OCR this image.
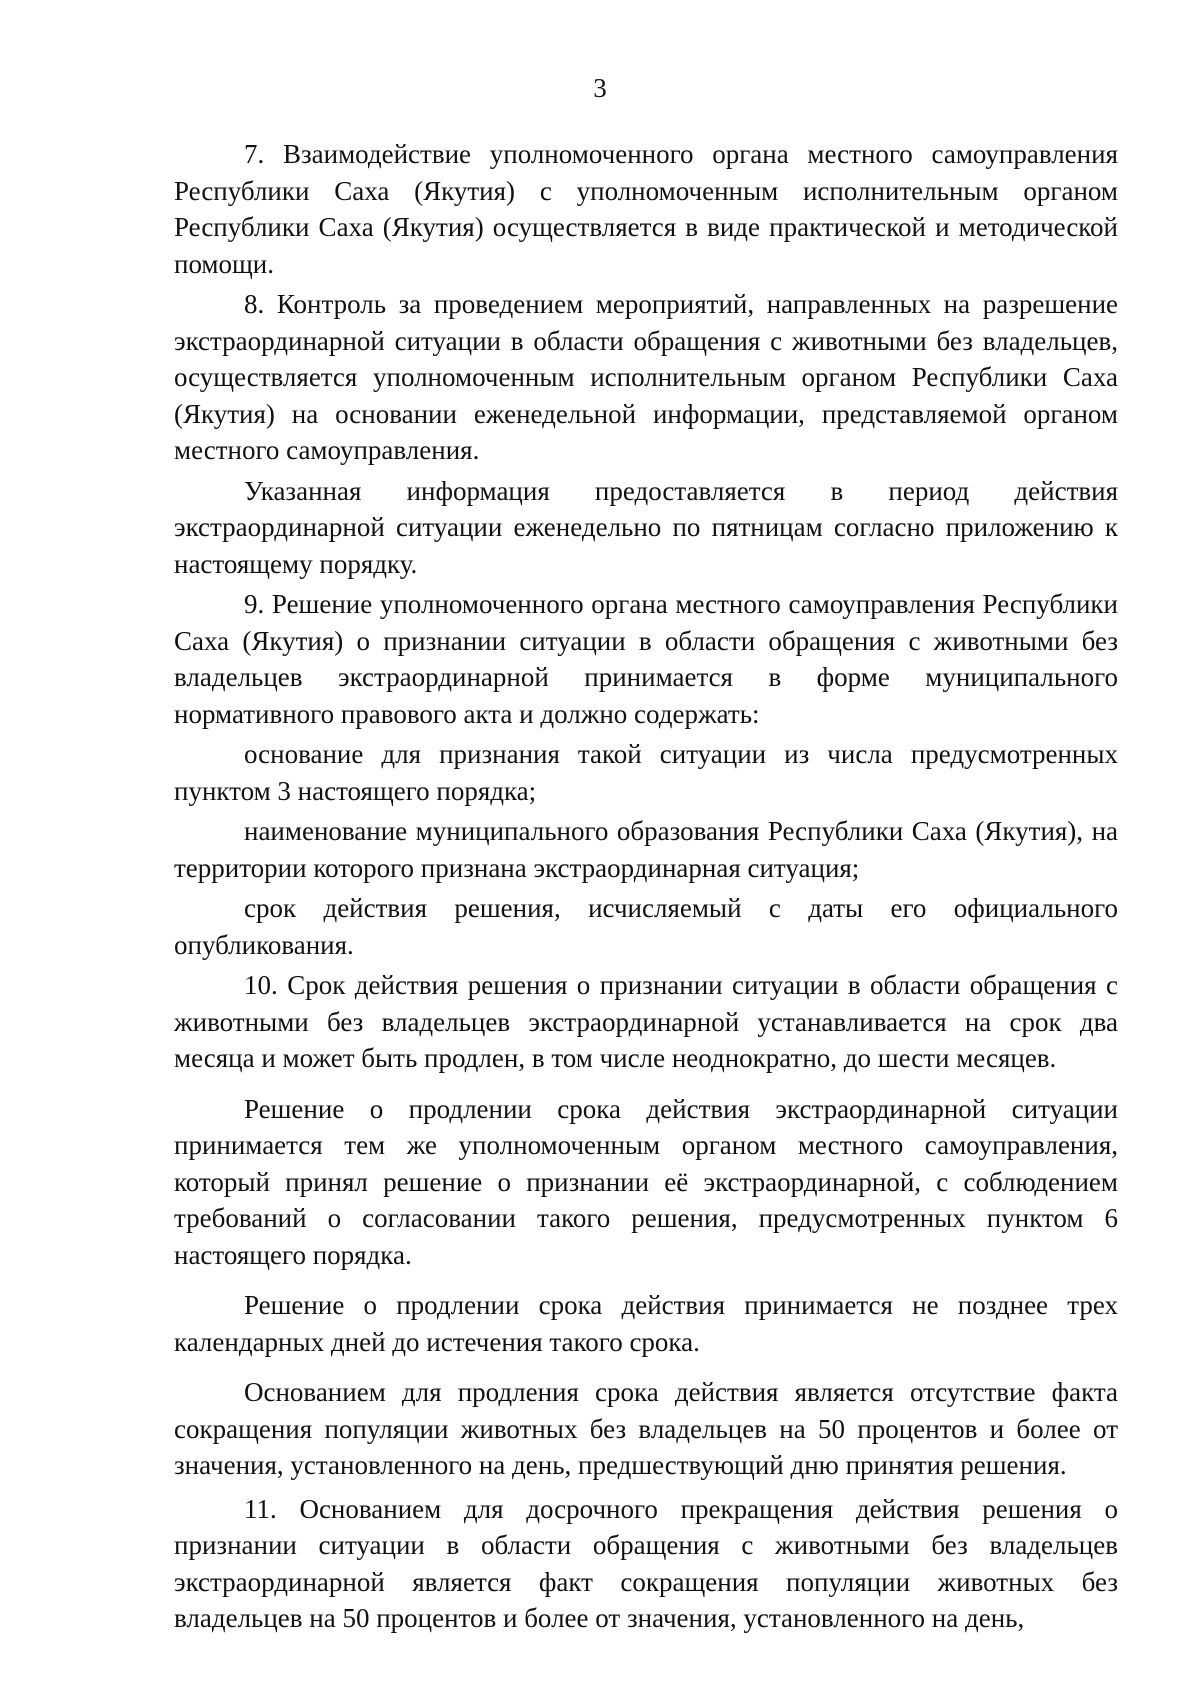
3

7. Взаимодействие уполномоченного органа местного самоуправления Республики Саха (Якутия) с уполномоченным исполнительным органом Республики Саха (Якутия) осуществляется в виде практической и методической помощи.

8. Контроль за проведением мероприятий, направленных на разрешение экстраординарной ситуации в области обращения с животными без владельцев, осуществляется уполномоченным исполнительным органом Республики Саха (Якутия) на основании еженедельной информации, представляемой органом местного самоуправления.

Указанная информация предоставляется в период действия экстраординарной ситуации еженедельно по пятницам согласно приложению к настоящему порядку.

9. Решение уполномоченного органа местного самоуправления Республики Саха (Якутия) о признании ситуации в области обращения с животными без владельцев экстраординарной принимается в форме муниципального нормативного правового акта и должно содержать:

основание для признания такой ситуации из числа предусмотренных пунктом 3 настоящего порядка;

наименование муниципального образования Республики Саха (Якутия), на территории которого признана экстраординарная ситуация;

срок действия решения, исчисляемый с даты его официального опубликования.

10. Срок действия решения о признании ситуации в области обращения с животными без владельцев экстраординарной устанавливается на срок два месяца и может быть продлен, в том числе неоднократно, до шести месяцев.

Решение о продлении срока действия экстраординарной ситуации принимается тем же уполномоченным органом местного самоуправления, который принял решение о признании её экстраординарной, с соблюдением требований о согласовании такого решения, предусмотренных пунктом 6 настоящего порядка.

Решение о продлении срока действия принимается не позднее трех календарных дней до истечения такого срока.

Основанием для продления срока действия является отсутствие факта сокращения популяции животных без владельцев на 50 процентов и более от значения, установленного на день, предшествующий дню принятия решения.

11. Основанием для досрочного прекращения действия решения о признании ситуации в области обращения с животными без владельцев экстраординарной является факт сокращения популяции животных без владельцев на 50 процентов и более от значения, установленного на день,
